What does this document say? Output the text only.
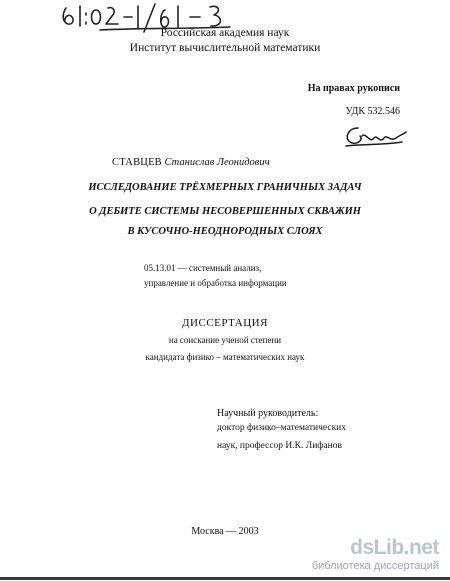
Российская академия наук
Институт вычислительной математики
На правах рукописи
УДК 532.546
СТАВЦЕВ Станислав Леонидович
ИССЛЕДОВАНИЕ ТРЁХМЕРНЫХ ГРАНИЧНЫХ ЗАДАЧ
О ДЕБИТЕ СИСТЕМЫ НЕСОВЕРШЕННЫХ СКВАЖИН
В КУСОЧНО-НЕОДНОРОДНЫХ СЛОЯХ
05.13.01 — системный анализ,
управление и обработка информации
ДИССЕРТАЦИЯ
на соискание ученой степени
кандидата физико – математических наук
Научный руководитель:
доктор физико–математических
наук, профессор И.К. Лифанов
Москва — 2003
dsLib.net
библиотека диссертаций
